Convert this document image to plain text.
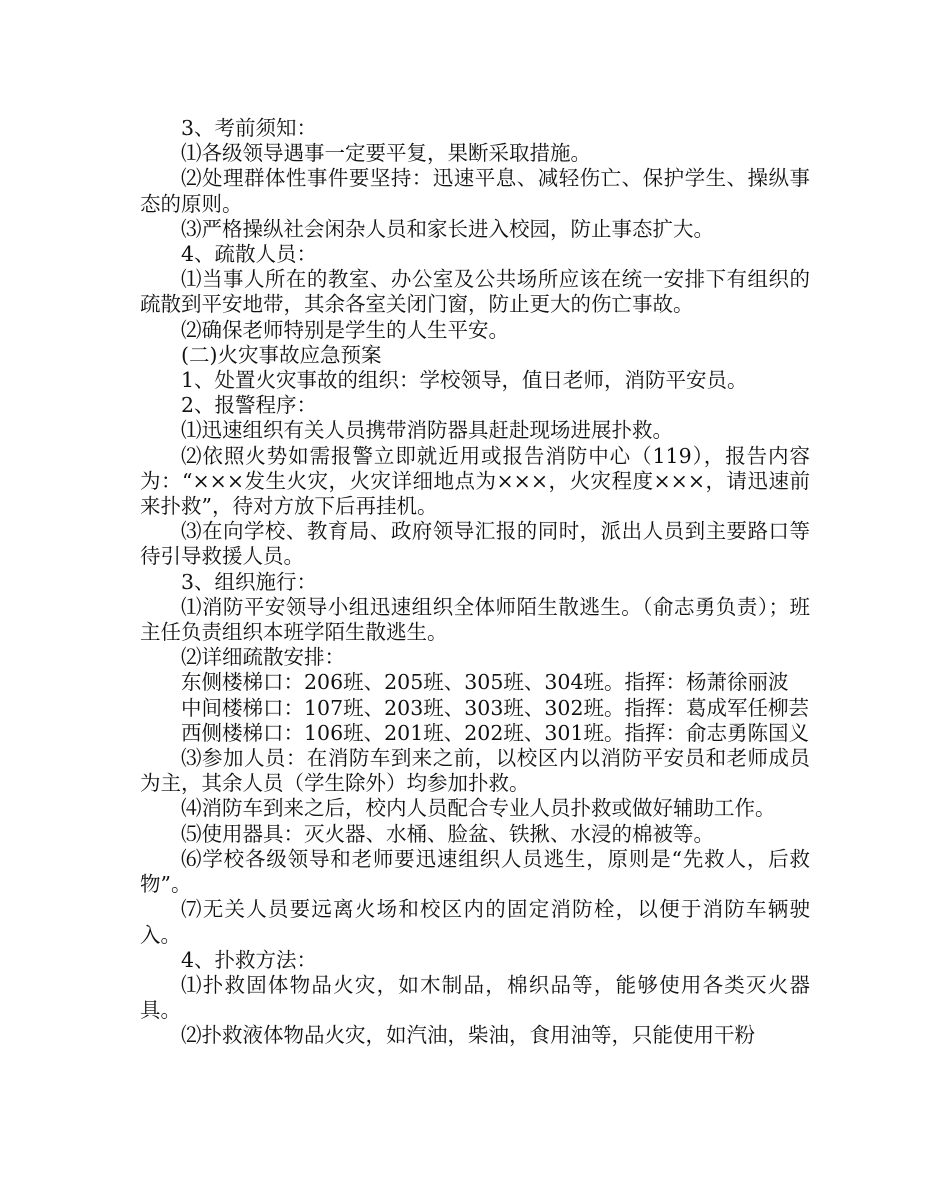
3、考前须知：

⑴各级领导遇事一定要平复，果断采取措施。

⑵处理群体性事件要坚持：迅速平息、减轻伤亡、保护学生、操纵事态的原则。

⑶严格操纵社会闲杂人员和家长进入校园，防止事态扩大。

4、疏散人员：

⑴当事人所在的教室、办公室及公共场所应该在统一安排下有组织的疏散到平安地带，其余各室关闭门窗，防止更大的伤亡事故。

⑵确保老师特别是学生的人生平安。

(二)火灾事故应急预案

1、处置火灾事故的组织：学校领导，值日老师，消防平安员。

2、报警程序：

⑴迅速组织有关人员携带消防器具赶赴现场进展扑救。

⑵依照火势如需报警立即就近用或报告消防中心（119），报告内容为：“×××发生火灾，火灾详细地点为×××，火灾程度×××，请迅速前来扑救”，待对方放下后再挂机。

⑶在向学校、教育局、政府领导汇报的同时，派出人员到主要路口等待引导救援人员。

3、组织施行：

⑴消防平安领导小组迅速组织全体师陌生散逃生。（俞志勇负责）；班主任负责组织本班学陌生散逃生。

⑵详细疏散安排：

东侧楼梯口：206班、205班、305班、304班。指挥：杨萧徐丽波

中间楼梯口：107班、203班、303班、302班。指挥：葛成军任柳芸

西侧楼梯口：106班、201班、202班、301班。指挥：俞志勇陈国义

⑶参加人员：在消防车到来之前，以校区内以消防平安员和老师成员为主，其余人员（学生除外）均参加扑救。

⑷消防车到来之后，校内人员配合专业人员扑救或做好辅助工作。

⑸使用器具：灭火器、水桶、脸盆、铁揪、水浸的棉被等。

⑹学校各级领导和老师要迅速组织人员逃生，原则是“先救人，后救物”。

⑺无关人员要远离火场和校区内的固定消防栓，以便于消防车辆驶入。

4、扑救方法：

⑴扑救固体物品火灾，如木制品，棉织品等，能够使用各类灭火器具。

⑵扑救液体物品火灾，如汽油，柴油，食用油等，只能使用干粉
